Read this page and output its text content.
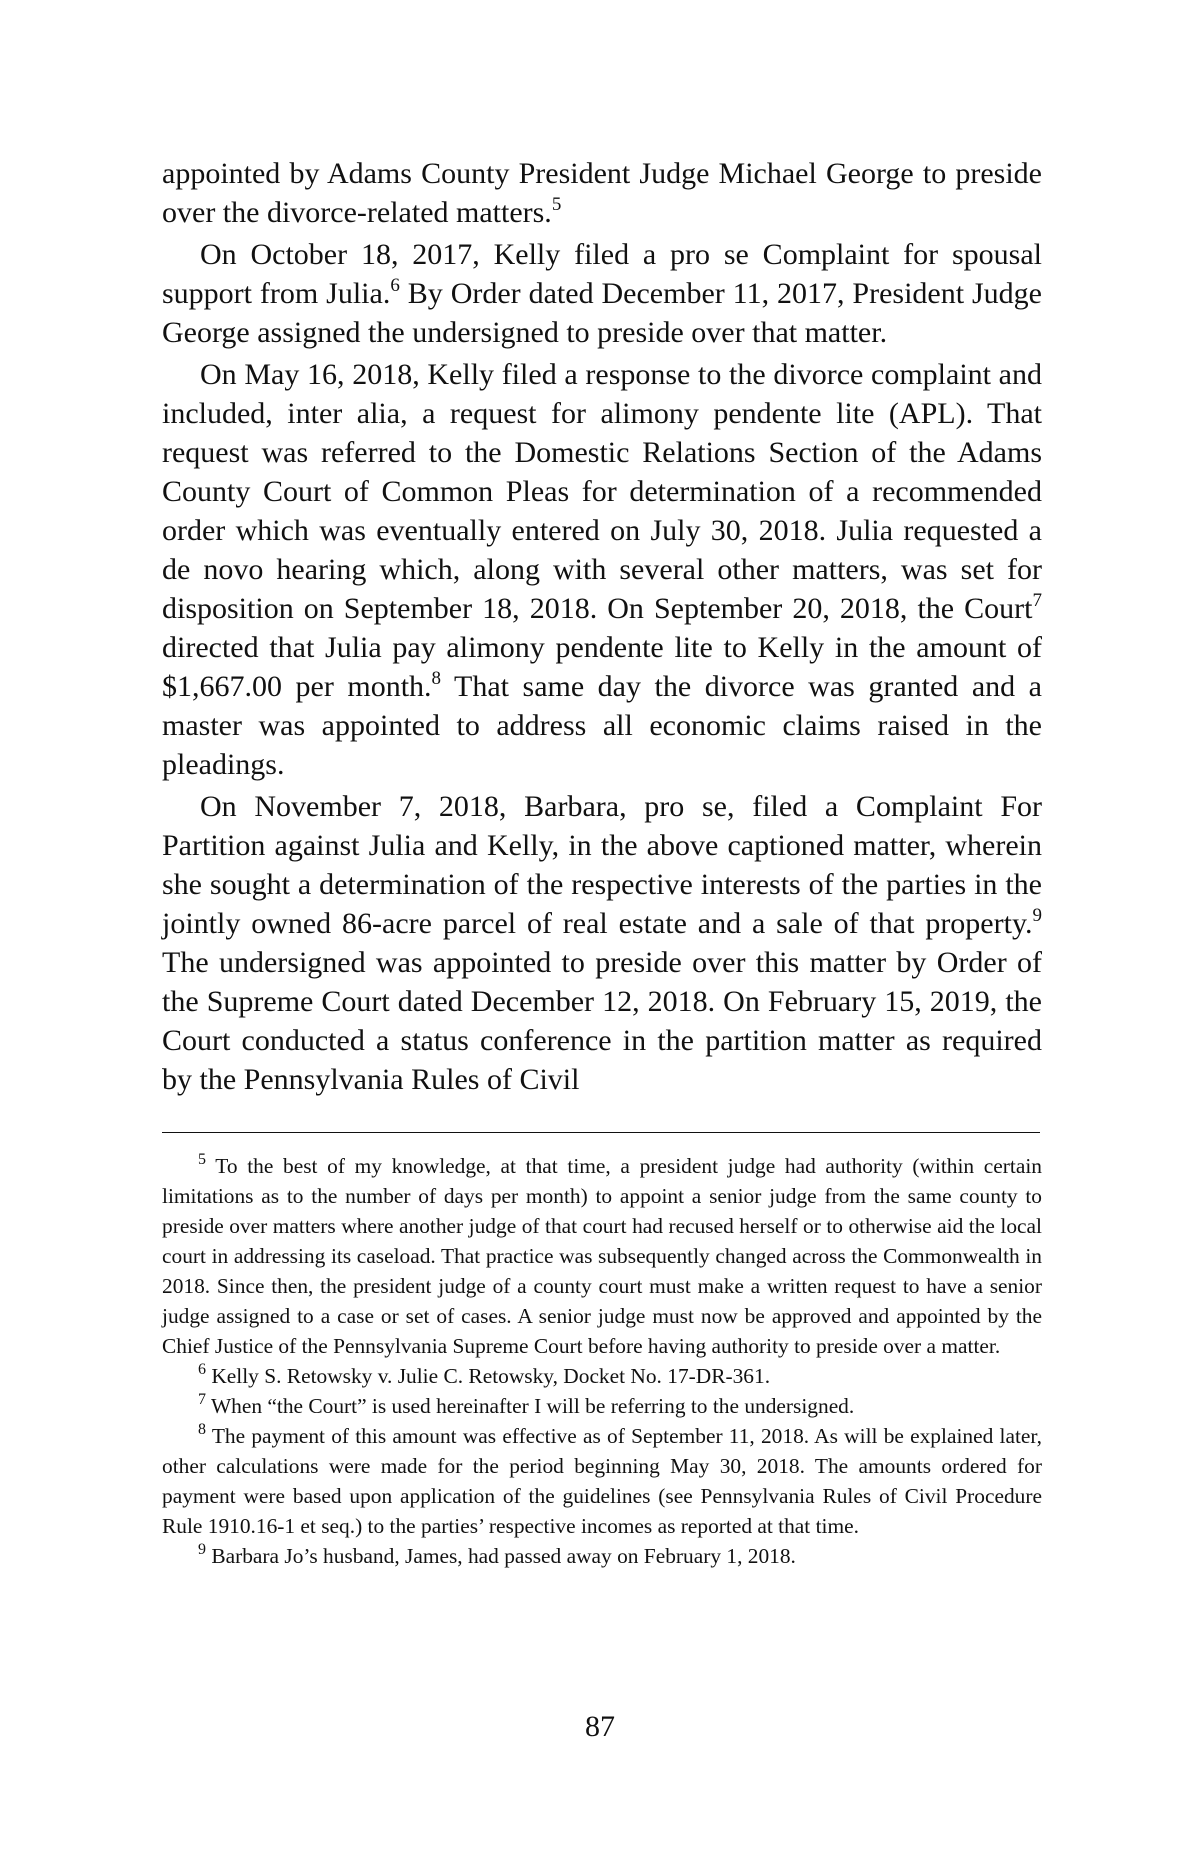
appointed by Adams County President Judge Michael George to preside over the divorce-related matters.$^5$

On October 18, 2017, Kelly filed a pro se Complaint for spousal support from Julia.$^6$ By Order dated December 11, 2017, President Judge George assigned the undersigned to preside over that matter.

On May 16, 2018, Kelly filed a response to the divorce complaint and included, inter alia, a request for alimony pendente lite (APL). That request was referred to the Domestic Relations Section of the Adams County Court of Common Pleas for determination of a recommended order which was eventually entered on July 30, 2018. Julia requested a de novo hearing which, along with several other matters, was set for disposition on September 18, 2018. On September 20, 2018, the Court$^7$ directed that Julia pay alimony pendente lite to Kelly in the amount of $1,667.00 per month.$^8$ That same day the divorce was granted and a master was appointed to address all economic claims raised in the pleadings.

On November 7, 2018, Barbara, pro se, filed a Complaint For Partition against Julia and Kelly, in the above captioned matter, wherein she sought a determination of the respective interests of the parties in the jointly owned 86-acre parcel of real estate and a sale of that property.$^9$ The undersigned was appointed to preside over this matter by Order of the Supreme Court dated December 12, 2018. On February 15, 2019, the Court conducted a status conference in the partition matter as required by the Pennsylvania Rules of Civil

$^5$ To the best of my knowledge, at that time, a president judge had authority (within certain limitations as to the number of days per month) to appoint a senior judge from the same county to preside over matters where another judge of that court had recused herself or to otherwise aid the local court in addressing its caseload. That practice was subsequently changed across the Commonwealth in 2018. Since then, the president judge of a county court must make a written request to have a senior judge assigned to a case or set of cases. A senior judge must now be approved and appointed by the Chief Justice of the Pennsylvania Supreme Court before having authority to preside over a matter.

$^6$ Kelly S. Retowsky v. Julie C. Retowsky, Docket No. 17-DR-361.

$^7$ When “the Court” is used hereinafter I will be referring to the undersigned.

$^8$ The payment of this amount was effective as of September 11, 2018. As will be explained later, other calculations were made for the period beginning May 30, 2018. The amounts ordered for payment were based upon application of the guidelines (see Pennsylvania Rules of Civil Procedure Rule 1910.16-1 et seq.) to the parties’ respective incomes as reported at that time.

$^9$ Barbara Jo’s husband, James, had passed away on February 1, 2018.

87
